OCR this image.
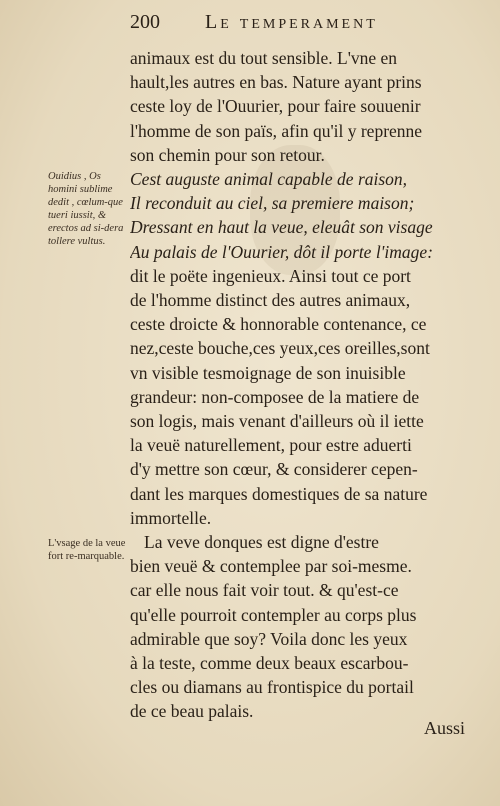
200 Le temperament
Ouidius , Os homini sublime dedit , cœlum-que tueri iussit, & erectos ad si-dera tollere vultus.
L'vsage de la veue fort re-marquable.
animaux est du tout sensible. L'vne en
hault,les autres en bas. Nature ayant prins
ceste loy de l'Ouurier, pour faire souuenir
l'homme de son païs, afin qu'il y reprenne
son chemin pour son retour.
Cest auguste animal capable de raison,
Il reconduit au ciel, sa premiere maison;
Dressant en haut la veue, eleuât son visage
Au palais de l'Ouurier, dôt il porte l'image:
dit le poëte ingenieux. Ainsi tout ce port
de l'homme distinct des autres animaux,
ceste droicte & honnorable contenance, ce
nez,ceste bouche,ces yeux,ces oreilles,sont
vn visible tesmoignage de son inuisible
grandeur: non-composee de la matiere de
son logis, mais venant d'ailleurs où il iette
la veuë naturellement, pour estre aduerti
d'y mettre son cœur, & considerer cepen-
dant les marques domestiques de sa nature
immortelle.
La veve donques est digne d'estre
bien veuë & contemplee par soi-mesme.
car elle nous fait voir tout. & qu'est-ce
qu'elle pourroit contempler au corps plus
admirable que soy? Voila donc les yeux
à la teste, comme deux beaux escarbou-
cles ou diamans au frontispice du portail
de ce beau palais.
Aussi
